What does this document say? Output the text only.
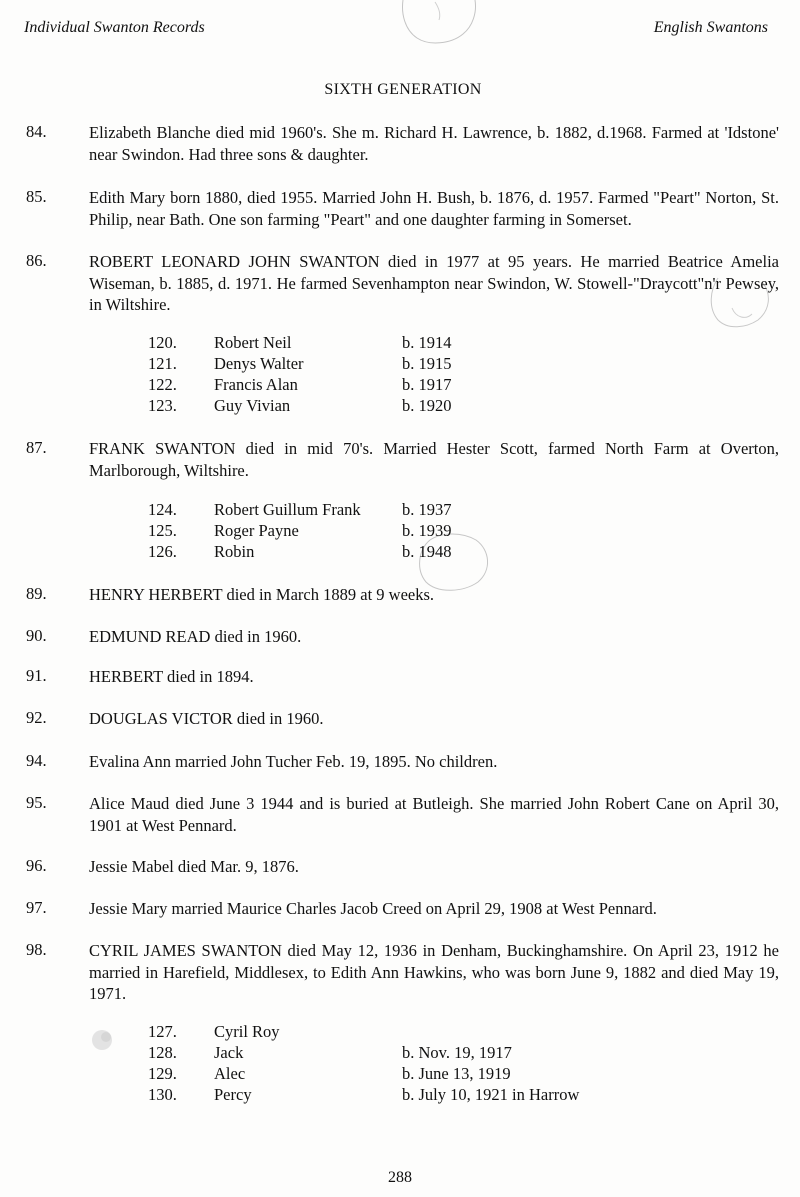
Individual Swanton Records	English Swantons
SIXTH GENERATION
84.	Elizabeth Blanche died mid 1960's. She m. Richard H. Lawrence, b. 1882, d.1968. Farmed at 'Idstone' near Swindon. Had three sons & daughter.
85.	Edith Mary born 1880, died 1955. Married John H. Bush, b. 1876, d. 1957. Farmed "Peart" Norton, St. Philip, near Bath. One son farming "Peart" and one daughter farming in Somerset.
86.	ROBERT LEONARD JOHN SWANTON died in 1977 at 95 years. He married Beatrice Amelia Wiseman, b. 1885, d. 1971. He farmed Sevenhampton near Swindon, W. Stowell-"Draycott"n'r Pewsey, in Wiltshire.
120. Robert Neil	b. 1914
121. Denys Walter	b. 1915
122. Francis Alan	b. 1917
123. Guy Vivian	b. 1920
87.	FRANK SWANTON died in mid 70's. Married Hester Scott, farmed North Farm at Overton, Marlborough, Wiltshire.
124. Robert Guillum Frank	b. 1937
125. Roger Payne	b. 1939
126. Robin	b. 1948
89.	HENRY HERBERT died in March 1889 at 9 weeks.
90.	EDMUND READ died in 1960.
91.	HERBERT died in 1894.
92.	DOUGLAS VICTOR died in 1960.
94.	Evalina Ann married John Tucher Feb. 19, 1895. No children.
95.	Alice Maud died June 3 1944 and is buried at Butleigh. She married John Robert Cane on April 30, 1901 at West Pennard.
96.	Jessie Mabel died Mar. 9, 1876.
97.	Jessie Mary married Maurice Charles Jacob Creed on April 29, 1908 at West Pennard.
98.	CYRIL JAMES SWANTON died May 12, 1936 in Denham, Buckinghamshire. On April 23, 1912 he married in Harefield, Middlesex, to Edith Ann Hawkins, who was born June 9, 1882 and died May 19, 1971.
127. Cyril Roy
128. Jack	b. Nov. 19, 1917
129. Alec	b. June 13, 1919
130. Percy	b. July 10, 1921 in Harrow
288
